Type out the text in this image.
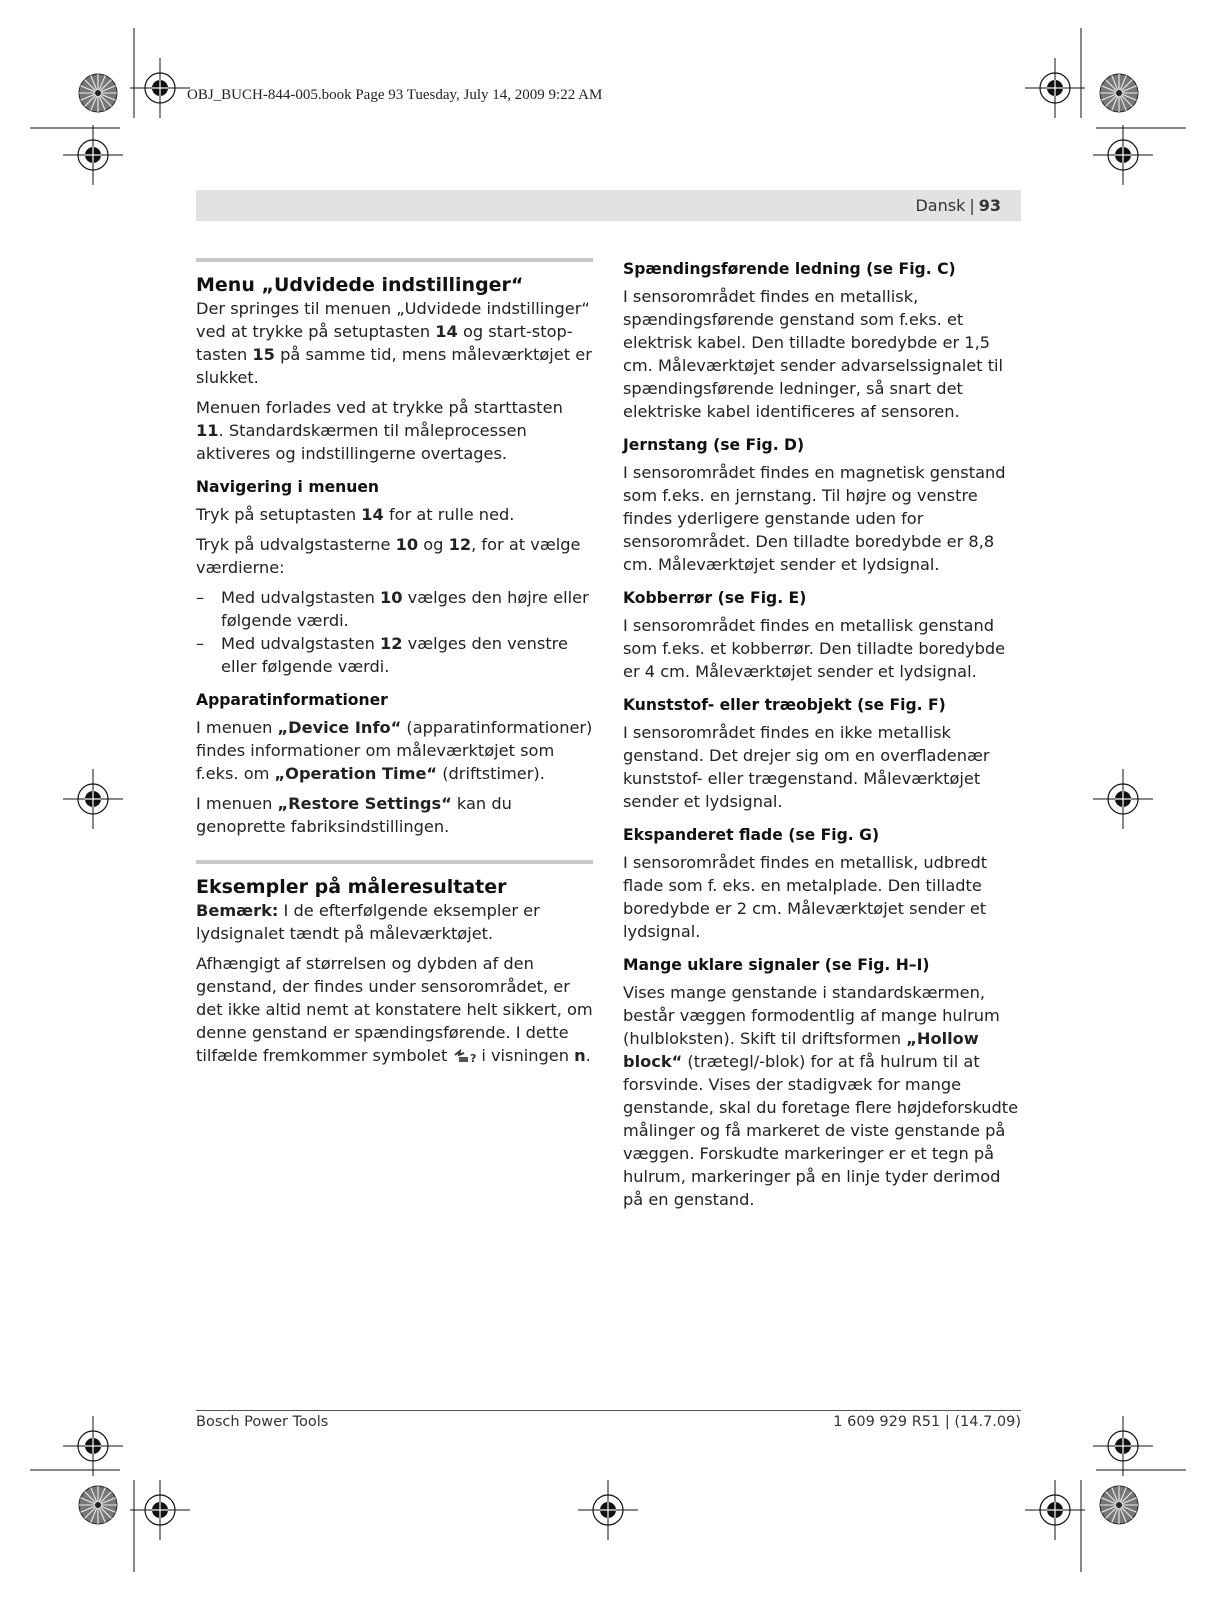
OBJ_BUCH-844-005.book Page 93 Tuesday, July 14, 2009 9:22 AM
Dansk | 93
Menu „Udvidede indstillinger“

Der springes til menuen „Udvidede indstillinger“ ved at trykke på setuptasten 14 og start-stop-tasten 15 på samme tid, mens måleværktøjet er slukket.

Menuen forlades ved at trykke på starttasten 11. Standardskærmen til måleprocessen aktiveres og indstillingerne overtages.

Navigering i menuen

Tryk på setuptasten 14 for at rulle ned.

Tryk på udvalgstasterne 10 og 12, for at vælge værdierne:

– Med udvalgstasten 10 vælges den højre eller følgende værdi.
– Med udvalgstasten 12 vælges den venstre eller følgende værdi.
Apparatinformationer

I menuen „Device Info“ (apparatinformationer) findes informationer om måleværktøjet som f.eks. om „Operation Time“ (driftstimer).

I menuen „Restore Settings“ kan du genoprette fabriksindstillingen.

Eksempler på måleresultater

Bemærk: I de efterfølgende eksempler er lydsignalet tændt på måleværktøjet.

Afhængigt af størrelsen og dybden af den genstand, der findes under sensorområdet, er det ikke altid nemt at konstatere helt sikkert, om denne genstand er spændingsførende. I dette tilfælde fremkommer symbolet ? i visningen n.

Spændingsførende ledning (se Fig. C)

I sensorområdet findes en metallisk, spændingsførende genstand som f.eks. et elektrisk kabel. Den tilladte boredybde er 1,5 cm. Måleværktøjet sender advarselssignalet til spændingsførende ledninger, så snart det elektriske kabel identificeres af sensoren.

Jernstang (se Fig. D)

I sensorområdet findes en magnetisk genstand som f.eks. en jernstang. Til højre og venstre findes yderligere genstande uden for sensorområdet. Den tilladte boredybde er 8,8 cm. Måleværktøjet sender et lydsignal.

Kobberrør (se Fig. E)

I sensorområdet findes en metallisk genstand som f.eks. et kobberrør. Den tilladte boredybde er 4 cm. Måleværktøjet sender et lydsignal.

Kunststof- eller træobjekt (se Fig. F)

I sensorområdet findes en ikke metallisk genstand. Det drejer sig om en overfladenær kunststof- eller trægenstand. Måleværktøjet sender et lydsignal.

Ekspanderet flade (se Fig. G)

I sensorområdet findes en metallisk, udbredt flade som f. eks. en metalplade. Den tilladte boredybde er 2 cm. Måleværktøjet sender et lydsignal.

Mange uklare signaler (se Fig. H–I)

Vises mange genstande i standardskærmen, består væggen formodentlig af mange hulrum (hulbloksten). Skift til driftsformen „Hollow block“ (trætegl/-blok) for at få hulrum til at forsvinde. Vises der stadigvæk for mange genstande, skal du foretage flere højdeforskudte målinger og få markeret de viste genstande på væggen. Forskudte markeringer er et tegn på hulrum, markeringer på en linje tyder derimod på en genstand.

Bosch Power Tools	1 609 929 R51 | (14.7.09)
